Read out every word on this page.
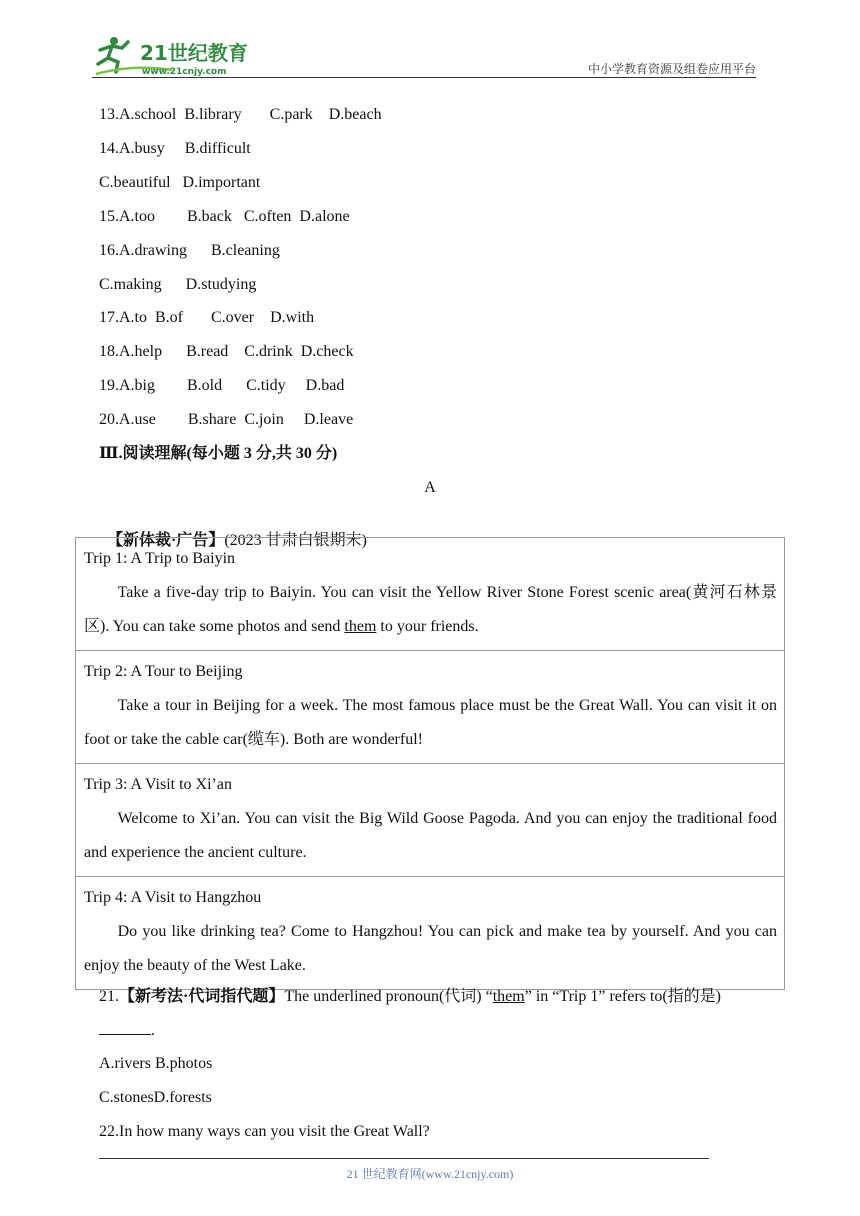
21世纪教育
www.21cnjy.com	中小学教育资源及组卷应用平台
13.A.school  B.library       C.park    D.beach
14.A.busy     B.difficult
C.beautiful   D.important
15.A.too        B.back   C.often  D.alone
16.A.drawing      B.cleaning
C.making      D.studying
17.A.to  B.of       C.over    D.with
18.A.help      B.read    C.drink  D.check
19.A.big        B.old      C.tidy     D.bad
20.A.use        B.share  C.join     D.leave
Ⅲ.阅读理解(每小题 3 分,共 30 分)
A

【新体裁·广告】(2023 甘肃白银期末)

Trip 1: A Trip to Baiyin
Take a five-day trip to Baiyin. You can visit the Yellow River Stone Forest scenic area(黄河石林景区). You can take some photos and send them to your friends.

Trip 2: A Tour to Beijing
Take a tour in Beijing for a week. The most famous place must be the Great Wall. You can visit it on foot or take the cable car(缆车). Both are wonderful!

Trip 3: A Visit to Xi’an
Welcome to Xi’an. You can visit the Big Wild Goose Pagoda. And you can enjoy the traditional food and experience the ancient culture.

Trip 4: A Visit to Hangzhou
Do you like drinking tea? Come to Hangzhou! You can pick and make tea by yourself. And you can enjoy the beauty of the West Lake.
21.【新考法·代词指代题】The underlined pronoun(代词) “them” in “Trip 1” refers to(指的是) .
A.rivers B.photos
C.stonesD.forests
22.In how many ways can you visit the Great Wall?
21 世纪教育网(www.21cnjy.com)
